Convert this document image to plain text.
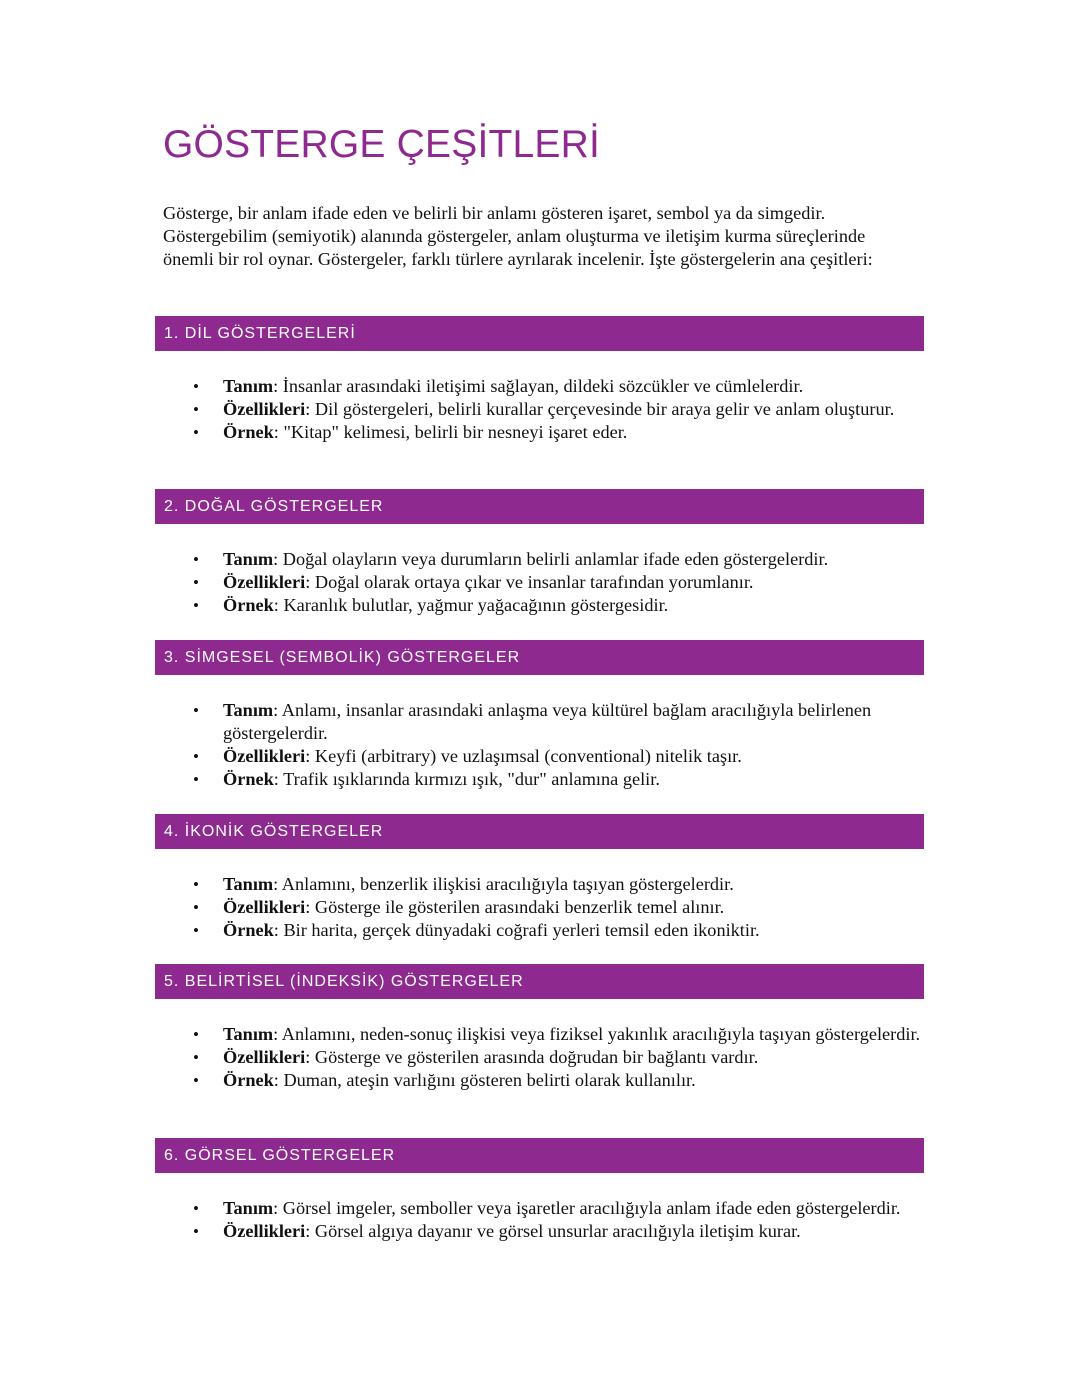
GÖSTERGE ÇEŞİTLERİ

Gösterge, bir anlam ifade eden ve belirli bir anlamı gösteren işaret, sembol ya da simgedir. Göstergebilim (semiyotik) alanında göstergeler, anlam oluşturma ve iletişim kurma süreçlerinde önemli bir rol oynar. Göstergeler, farklı türlere ayrılarak incelenir. İşte göstergelerin ana çeşitleri:

1. DİL GÖSTERGELERİ
• Tanım: İnsanlar arasındaki iletişimi sağlayan, dildeki sözcükler ve cümlelerdir.
• Özellikleri: Dil göstergeleri, belirli kurallar çerçevesinde bir araya gelir ve anlam oluşturur.
• Örnek: "Kitap" kelimesi, belirli bir nesneyi işaret eder.
2. DOĞAL GÖSTERGELER
• Tanım: Doğal olayların veya durumların belirli anlamlar ifade eden göstergelerdir.
• Özellikleri: Doğal olarak ortaya çıkar ve insanlar tarafından yorumlanır.
• Örnek: Karanlık bulutlar, yağmur yağacağının göstergesidir.
3. SİMGESEL (SEMBOLİK) GÖSTERGELER
• Tanım: Anlamı, insanlar arasındaki anlaşma veya kültürel bağlam aracılığıyla belirlenen göstergelerdir.
• Özellikleri: Keyfi (arbitrary) ve uzlaşımsal (conventional) nitelik taşır.
• Örnek: Trafik ışıklarında kırmızı ışık, "dur" anlamına gelir.
4. İKONİK GÖSTERGELER
• Tanım: Anlamını, benzerlik ilişkisi aracılığıyla taşıyan göstergelerdir.
• Özellikleri: Gösterge ile gösterilen arasındaki benzerlik temel alınır.
• Örnek: Bir harita, gerçek dünyadaki coğrafi yerleri temsil eden ikoniktir.
5. BELİRTİSEL (İNDEKSİK) GÖSTERGELER
• Tanım: Anlamını, neden-sonuç ilişkisi veya fiziksel yakınlık aracılığıyla taşıyan göstergelerdir.
• Özellikleri: Gösterge ve gösterilen arasında doğrudan bir bağlantı vardır.
• Örnek: Duman, ateşin varlığını gösteren belirti olarak kullanılır.
6. GÖRSEL GÖSTERGELER
• Tanım: Görsel imgeler, semboller veya işaretler aracılığıyla anlam ifade eden göstergelerdir.
• Özellikleri: Görsel algıya dayanır ve görsel unsurlar aracılığıyla iletişim kurar.
